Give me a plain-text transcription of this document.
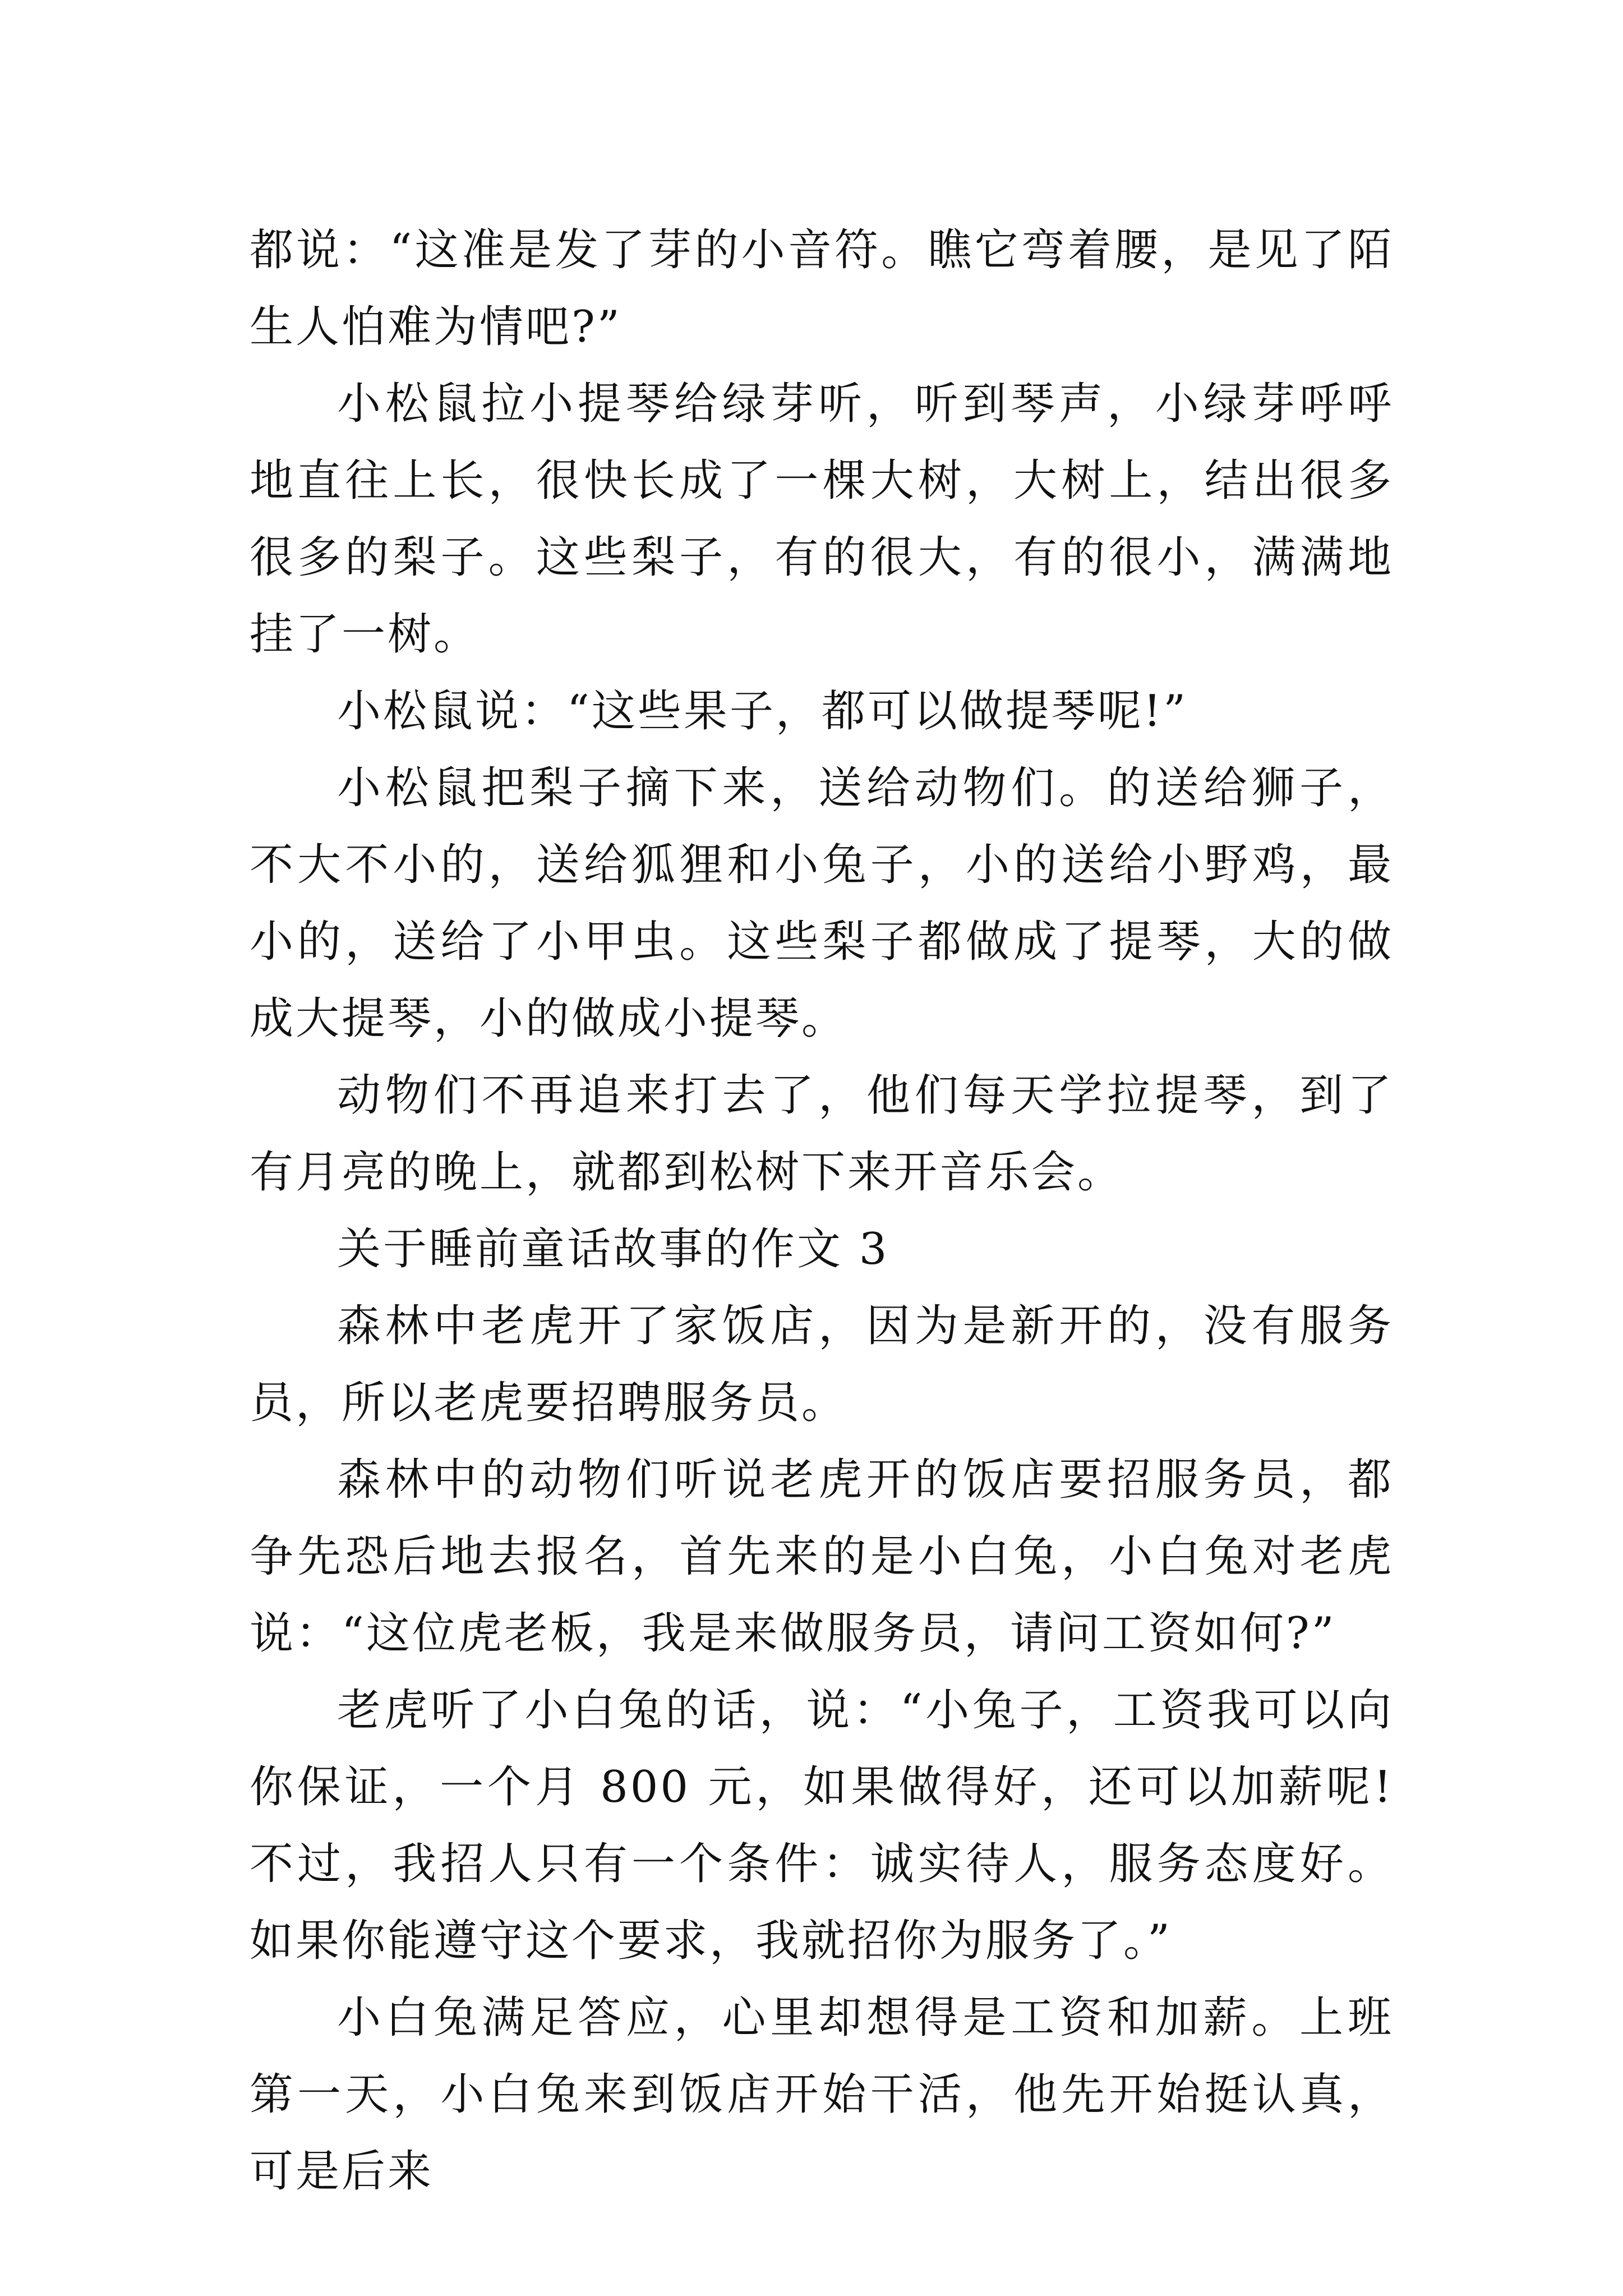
都说：“这准是发了芽的小音符。瞧它弯着腰，是见了陌生人怕难为情吧?”

小松鼠拉小提琴给绿芽听，听到琴声，小绿芽呼呼地直往上长，很快长成了一棵大树，大树上，结出很多很多的梨子。这些梨子，有的很大，有的很小，满满地挂了一树。

小松鼠说：“这些果子，都可以做提琴呢!”

小松鼠把梨子摘下来，送给动物们。的送给狮子，不大不小的，送给狐狸和小兔子，小的送给小野鸡，最小的，送给了小甲虫。这些梨子都做成了提琴，大的做成大提琴，小的做成小提琴。

动物们不再追来打去了，他们每天学拉提琴，到了有月亮的晚上，就都到松树下来开音乐会。

关于睡前童话故事的作文 3

森林中老虎开了家饭店，因为是新开的，没有服务员，所以老虎要招聘服务员。

森林中的动物们听说老虎开的饭店要招服务员，都争先恐后地去报名，首先来的是小白兔，小白兔对老虎说：“这位虎老板，我是来做服务员，请问工资如何?”

老虎听了小白兔的话，说：“小兔子，工资我可以向你保证，一个月 800 元，如果做得好，还可以加薪呢!不过，我招人只有一个条件：诚实待人，服务态度好。如果你能遵守这个要求，我就招你为服务了。”

小白兔满足答应，心里却想得是工资和加薪。上班第一天，小白兔来到饭店开始干活，他先开始挺认真，可是后来
